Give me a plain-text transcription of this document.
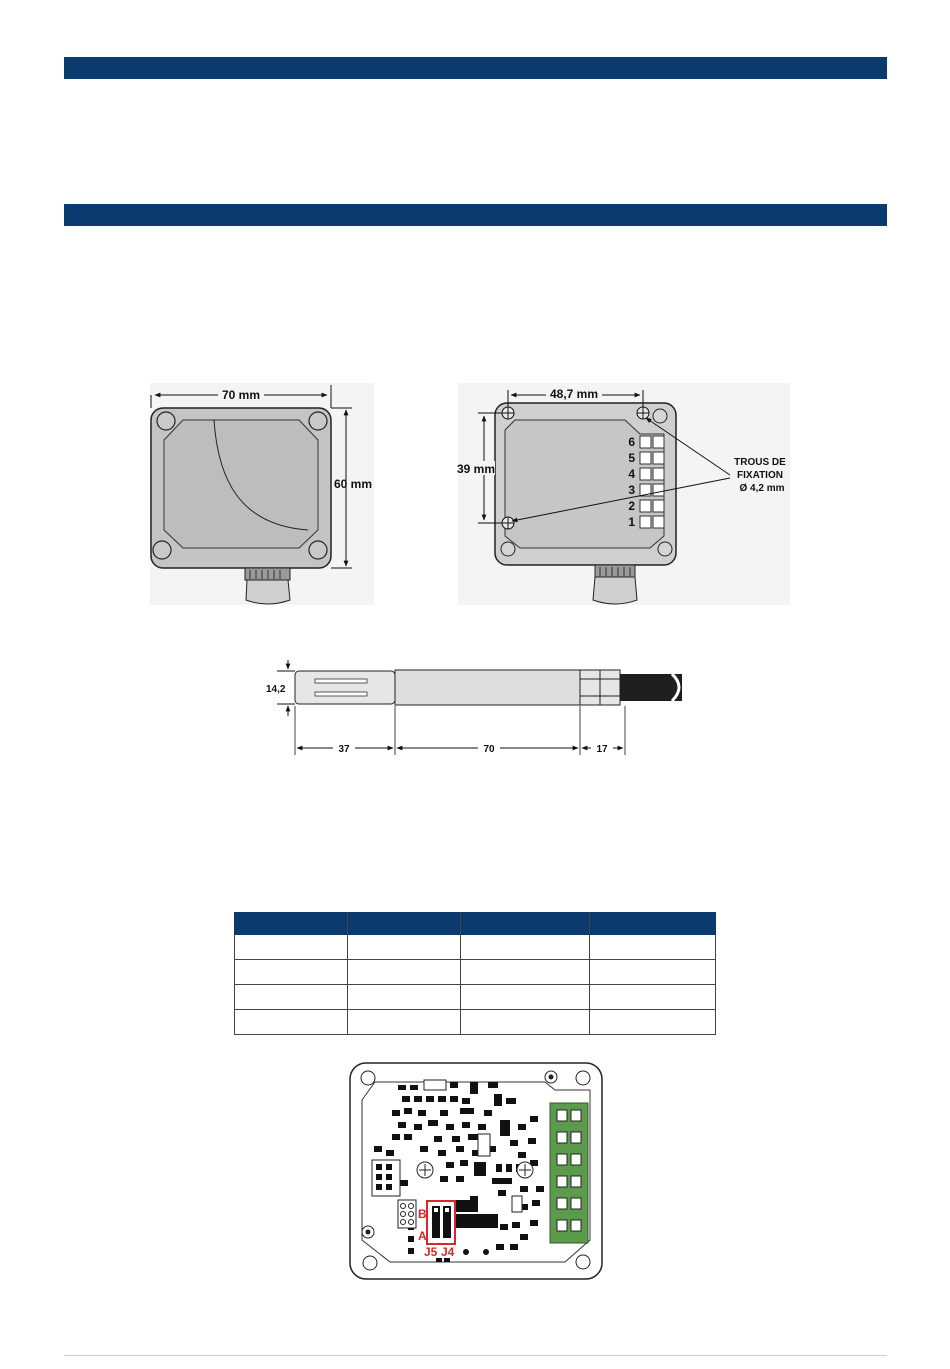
70 mm
60 mm
6
5
4
3
2
1
48,7 mm
39 mm	TROUS DE
FIXATION
Ø 4,2 mm
14,2
37	70	17
B
A
J5 J4
